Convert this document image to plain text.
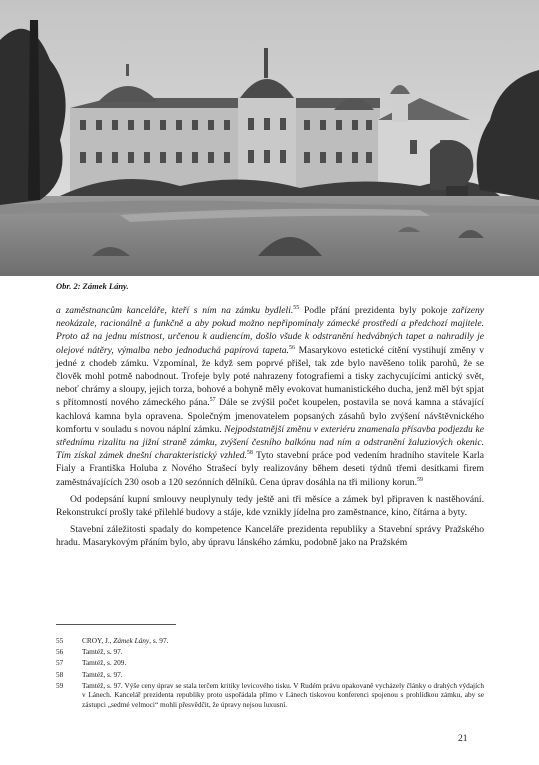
Obr. 2: Zámek Lány.

a zaměstnancům kanceláře, kteří s ním na zámku bydleli.$^{55}$ Podle přání prezidenta byly pokoje zařízeny neokázale, racionálně a funkčně a aby pokud možno nepřipomínaly zámecké prostředí a předchozí majitele. Proto až na jednu místnost, určenou k audiencím, došlo všude k odstranění hedvábných tapet a nahradily je olejové nátěry, výmalba nebo jednoduchá papírová tapeta.$^{56}$ Masarykovo estetické cítění vystihují změny v jedné z chodeb zámku. Vzpomínal, že když sem poprvé přišel, tak zde bylo navěšeno tolik parohů, že se člověk mohl potmě nabodnout. Trofeje byly poté nahrazeny fotografiemi a tisky zachycujícími antický svět, neboť chrámy a sloupy, jejich torza, bohové a bohyně měly evokovat humanistického ducha, jenž měl být spjat s přítomností nového zámeckého pána.$^{57}$ Dále se zvýšil počet koupelen, postavila se nová kamna a stávající kachlová kamna byla opravena. Společným jmenovatelem popsaných zásahů bylo zvýšení návštěvnického komfortu v souladu s novou náplní zámku. Nejpodstatnější změnu v exteriéru znamenala přísavba podjezdu ke střednímu rizalitu na jižní straně zámku, zvýšení česního balkónu nad ním a odstranění žaluziových okenic. Tím získal zámek dnešní charakteristický vzhled.$^{58}$ Tyto stavební práce pod vedením hradního stavitele Karla Fialy a Františka Holuba z Nového Strašecí byly realizovány během deseti týdnů třemi desítkami firem zaměstnávajících 230 osob a 120 sezónních dělníků. Cena úprav dosáhla na tři miliony korun.$^{59}$

Od podepsání kupní smlouvy neuplynuly tedy ještě ani tři měsíce a zámek byl připraven k nastěhování. Rekonstrukcí prošly také přilehlé budovy a stáje, kde vznikly jídelna pro zaměstnance, kino, čítárna a byty.

Stavební záležitosti spadaly do kompetence Kanceláře prezidenta republiky a Stavební správy Pražského hradu. Masarykovým přáním bylo, aby úpravu lánského zámku, podobně jako na Pražském

55	CROY, J., Zámek Lány, s. 97.
56	Tamtéž, s. 97.
57	Tamtéž, s. 209.
58	Tamtéž, s. 97.
59	Tamtéž, s. 97. Výše ceny úprav se stala terčem kritiky levicového tisku. V Rudém právu opakovaně vycházely články o drahých výdajích v Lánech. Kancelář prezidenta republiky proto uspořádala přímo v Lánech tiskovou konferenci spojenou s prohlídkou zámku, aby se zástupci „sedmé velmoci“ mohli přesvědčit, že úpravy nejsou luxusní.
21
